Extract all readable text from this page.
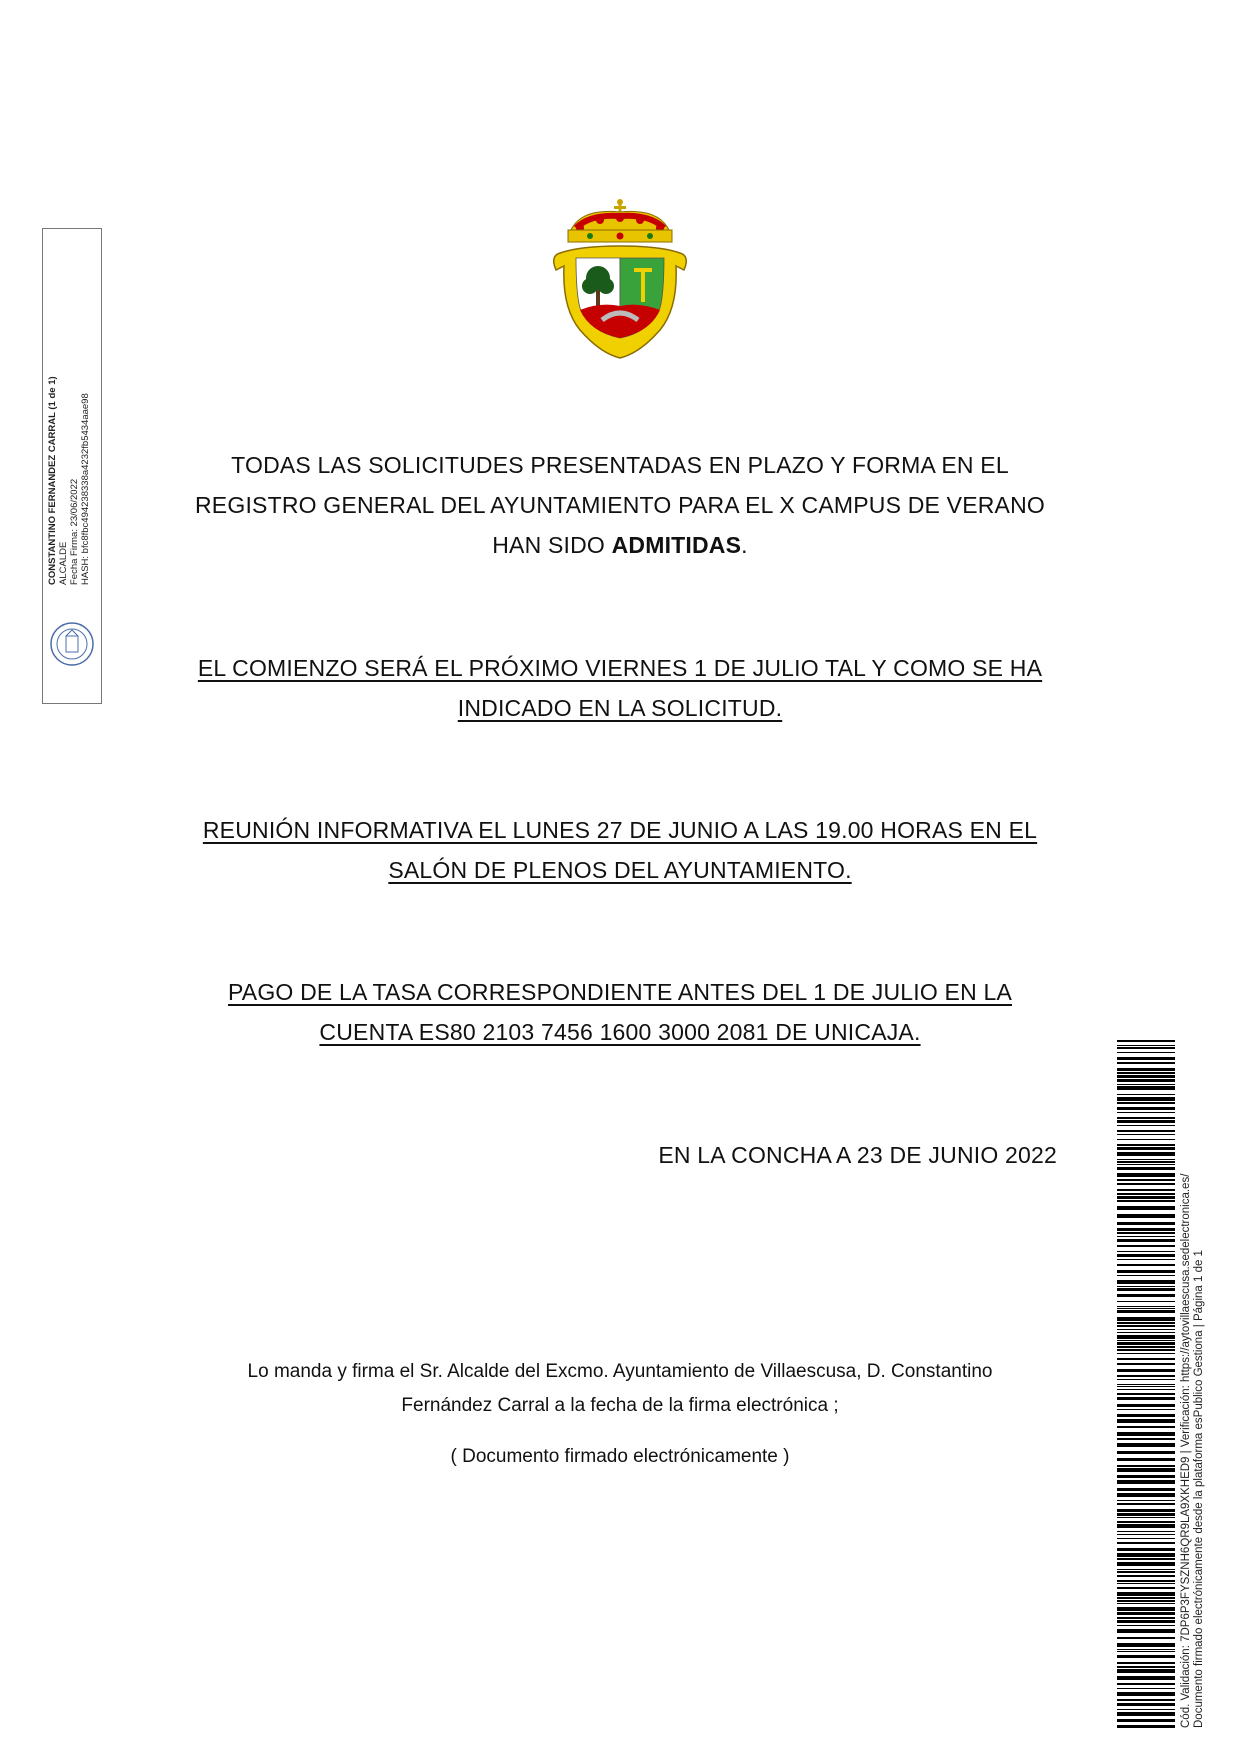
CONSTANTINO FERNANDEZ CARRAL (1 de 1) ALCALDE Fecha Firma: 23/06/2022 HASH: bfc8fbc494238338a4232fb5434aae98	TODAS LAS SOLICITUDES PRESENTADAS EN PLAZO Y FORMA EN EL
REGISTRO GENERAL DEL AYUNTAMIENTO PARA EL X CAMPUS DE VERANO
HAN SIDO ADMITIDAS.
EL COMIENZO SERÁ EL PRÓXIMO VIERNES 1 DE JULIO TAL Y COMO SE HA
INDICADO EN LA SOLICITUD.
REUNIÓN INFORMATIVA EL LUNES 27 DE JUNIO A LAS 19.00 HORAS EN EL
SALÓN DE PLENOS DEL AYUNTAMIENTO.
PAGO DE LA TASA CORRESPONDIENTE ANTES DEL 1 DE JULIO EN LA
CUENTA ES80 2103 7456 1600 3000 2081 DE UNICAJA.
EN LA CONCHA A 23 DE JUNIO 2022
Lo manda y firma el Sr. Alcalde del Excmo. Ayuntamiento de Villaescusa, D. Constantino
Fernández Carral a la fecha de la firma electrónica ;
( Documento firmado electrónicamente )	Cód. Validación: 7DP6P3FYSZNH6QR9LA9XKHED9 | Verificación: https://aytovillaescusa.sedelectronica.es/ Documento firmado electrónicamente desde la plataforma esPublico Gestiona | Página 1 de 1
